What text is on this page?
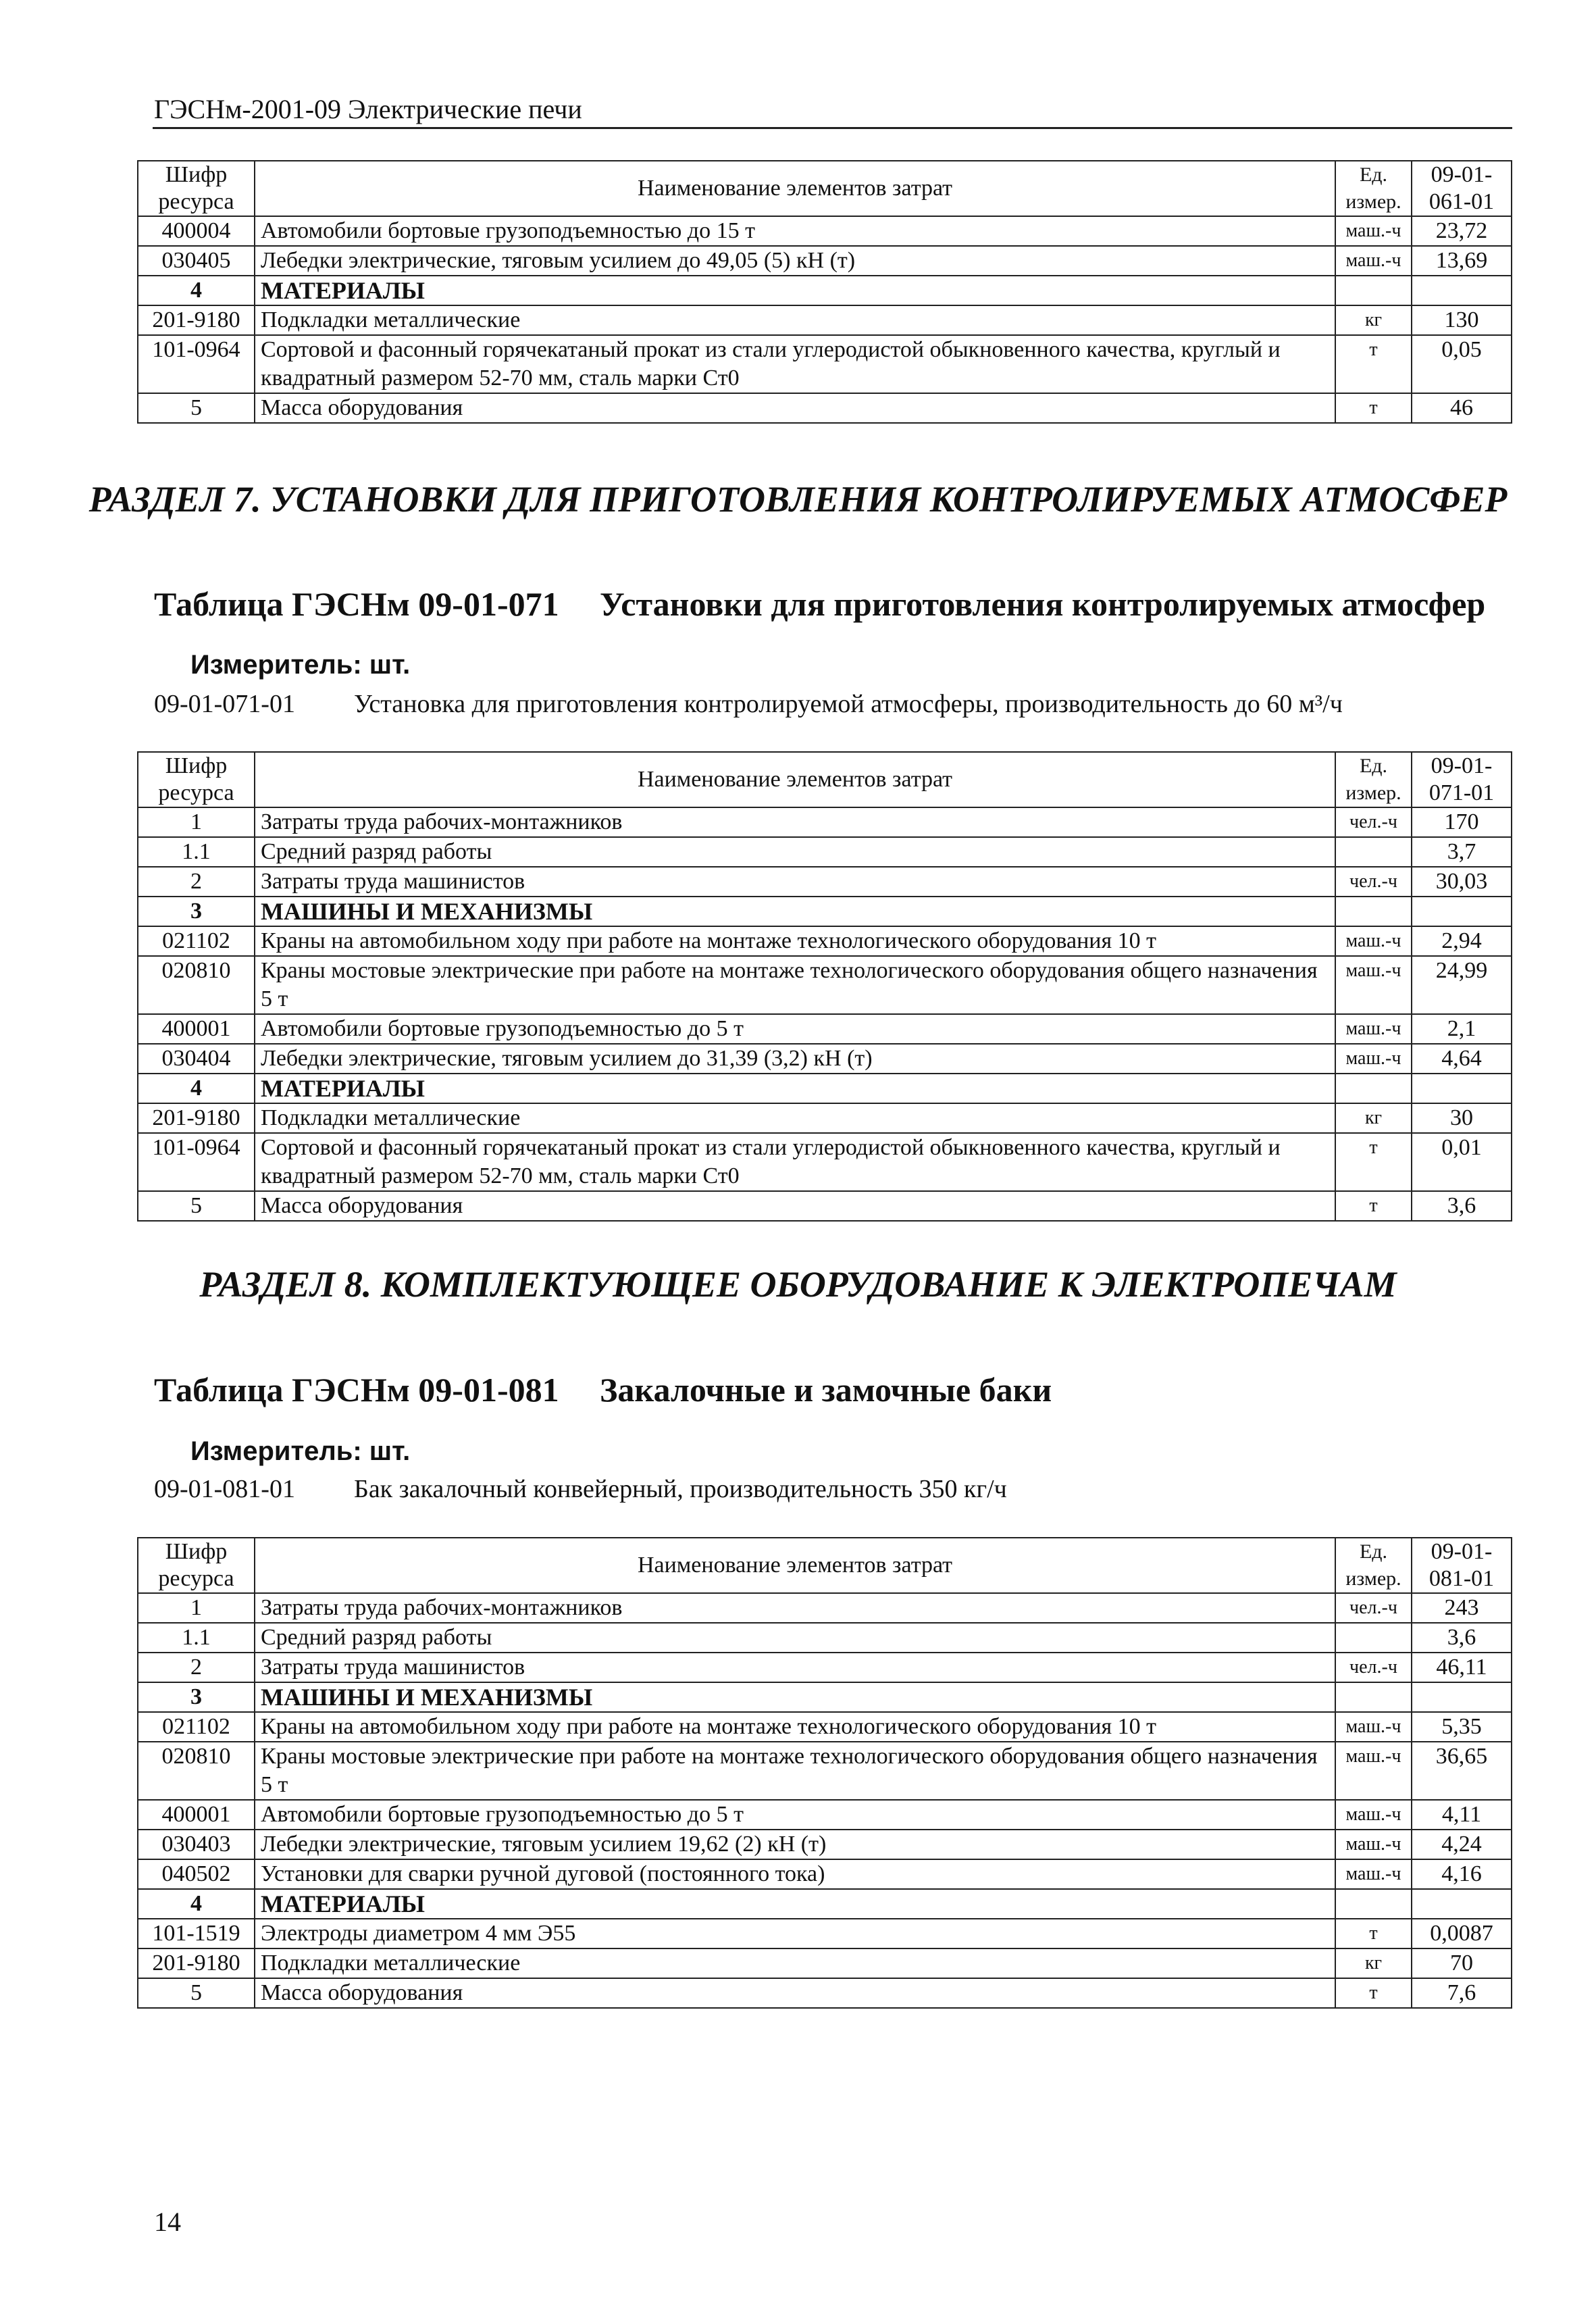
ГЭСНм-2001-09 Электрические печи
Шифр ресурса	Наименование элементов затрат	Ед. измер.	09-01-061-01
400004	Автомобили бортовые грузоподъемностью до 15 т	маш.-ч	23,72
030405	Лебедки электрические, тяговым усилием до 49,05 (5) кН (т)	маш.-ч	13,69
4	МАТЕРИАЛЫ		
201-9180	Подкладки металлические	кг	130
101-0964	Сортовой и фасонный горячекатаный прокат из стали углеродистой обыкновенного качества, круглый и квадратный размером 52-70 мм, сталь марки Ст0	т	0,05
5	Масса оборудования	т	46
РАЗДЕЛ 7. УСТАНОВКИ ДЛЯ ПРИГОТОВЛЕНИЯ КОНТРОЛИРУЕМЫХ АТМОСФЕР
Таблица ГЭСНм 09-01-071 Установки для приготовления контролируемых атмосфер
Измеритель: шт.
09-01-071-01 Установка для приготовления контролируемой атмосферы, производительность до 60 м³/ч
Шифр ресурса	Наименование элементов затрат	Ед. измер.	09-01-071-01
1	Затраты труда рабочих-монтажников	чел.-ч	170
1.1	Средний разряд работы		3,7
2	Затраты труда машинистов	чел.-ч	30,03
3	МАШИНЫ И МЕХАНИЗМЫ		
021102	Краны на автомобильном ходу при работе на монтаже технологического оборудования 10 т	маш.-ч	2,94
020810	Краны мостовые электрические при работе на монтаже технологического оборудования общего назначения 5 т	маш.-ч	24,99
400001	Автомобили бортовые грузоподъемностью до 5 т	маш.-ч	2,1
030404	Лебедки электрические, тяговым усилием до 31,39 (3,2) кН (т)	маш.-ч	4,64
4	МАТЕРИАЛЫ		
201-9180	Подкладки металлические	кг	30
101-0964	Сортовой и фасонный горячекатаный прокат из стали углеродистой обыкновенного качества, круглый и квадратный размером 52-70 мм, сталь марки Ст0	т	0,01
5	Масса оборудования	т	3,6
РАЗДЕЛ 8. КОМПЛЕКТУЮЩЕЕ ОБОРУДОВАНИЕ К ЭЛЕКТРОПЕЧАМ
Таблица ГЭСНм 09-01-081 Закалочные и замочные баки
Измеритель: шт.
09-01-081-01 Бак закалочный конвейерный, производительность 350 кг/ч
Шифр ресурса	Наименование элементов затрат	Ед. измер.	09-01-081-01
1	Затраты труда рабочих-монтажников	чел.-ч	243
1.1	Средний разряд работы		3,6
2	Затраты труда машинистов	чел.-ч	46,11
3	МАШИНЫ И МЕХАНИЗМЫ		
021102	Краны на автомобильном ходу при работе на монтаже технологического оборудования 10 т	маш.-ч	5,35
020810	Краны мостовые электрические при работе на монтаже технологического оборудования общего назначения 5 т	маш.-ч	36,65
400001	Автомобили бортовые грузоподъемностью до 5 т	маш.-ч	4,11
030403	Лебедки электрические, тяговым усилием 19,62 (2) кН (т)	маш.-ч	4,24
040502	Установки для сварки ручной дуговой (постоянного тока)	маш.-ч	4,16
4	МАТЕРИАЛЫ		
101-1519	Электроды диаметром 4 мм Э55	т	0,0087
201-9180	Подкладки металлические	кг	70
5	Масса оборудования	т	7,6
14
